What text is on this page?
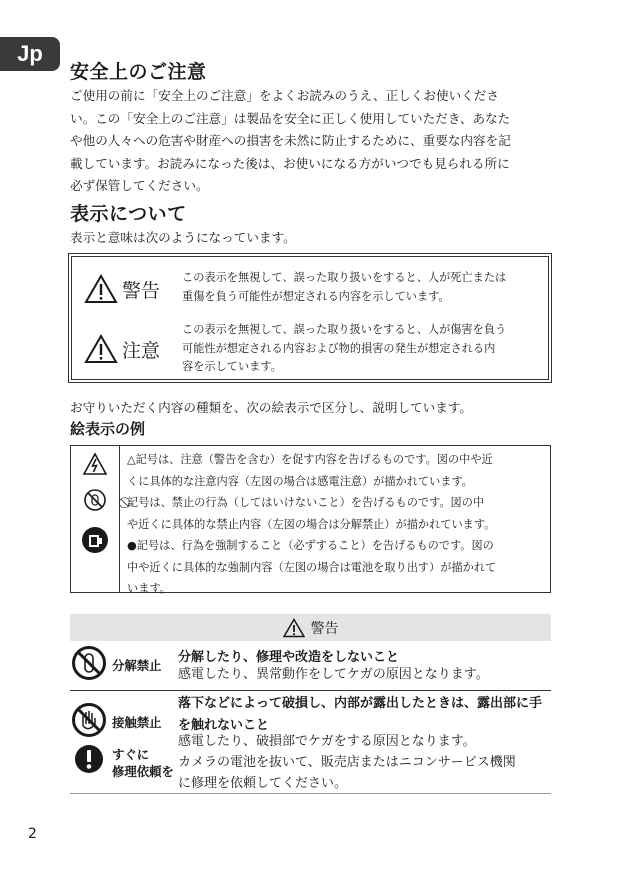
Jp
安全上のご注意
ご使用の前に「安全上のご注意」をよくお読みのうえ、正しくお使いくださ
い。この「安全上のご注意」は製品を安全に正しく使用していただき、あなた
や他の人々への危害や財産への損害を未然に防止するために、重要な内容を記
載しています。お読みになった後は、お使いになる方がいつでも見られる所に
必ず保管してください。
表示について
表示と意味は次のようになっています。
警告
この表示を無視して、誤った取り扱いをすると、人が死亡または
重傷を負う可能性が想定される内容を示しています。
注意
この表示を無視して、誤った取り扱いをすると、人が傷害を負う
可能性が想定される内容および物的損害の発生が想定される内
容を示しています。
お守りいただく内容の種類を、次の絵表示で区分し、説明しています。
絵表示の例
△記号は、注意（警告を含む）を促す内容を告げるものです。図の中や近
くに具体的な注意内容（左図の場合は感電注意）が描かれています。
⃠記号は、禁止の行為（してはいけないこと）を告げるものです。図の中
や近くに具体的な禁止内容（左図の場合は分解禁止）が描かれています。
●記号は、行為を強制すること（必ずすること）を告げるものです。図の
中や近くに具体的な強制内容（左図の場合は電池を取り出す）が描かれて
います。
警告
分解禁止
分解したり、修理や改造をしないこと
感電したり、異常動作をしてケガの原因となります。
接触禁止
落下などによって破損し、内部が露出したときは、露出部に手
を触れないこと
感電したり、破損部でケガをする原因となります。
すぐに
修理依頼を
カメラの電池を抜いて、販売店またはニコンサービス機関
に修理を依頼してください。
2
